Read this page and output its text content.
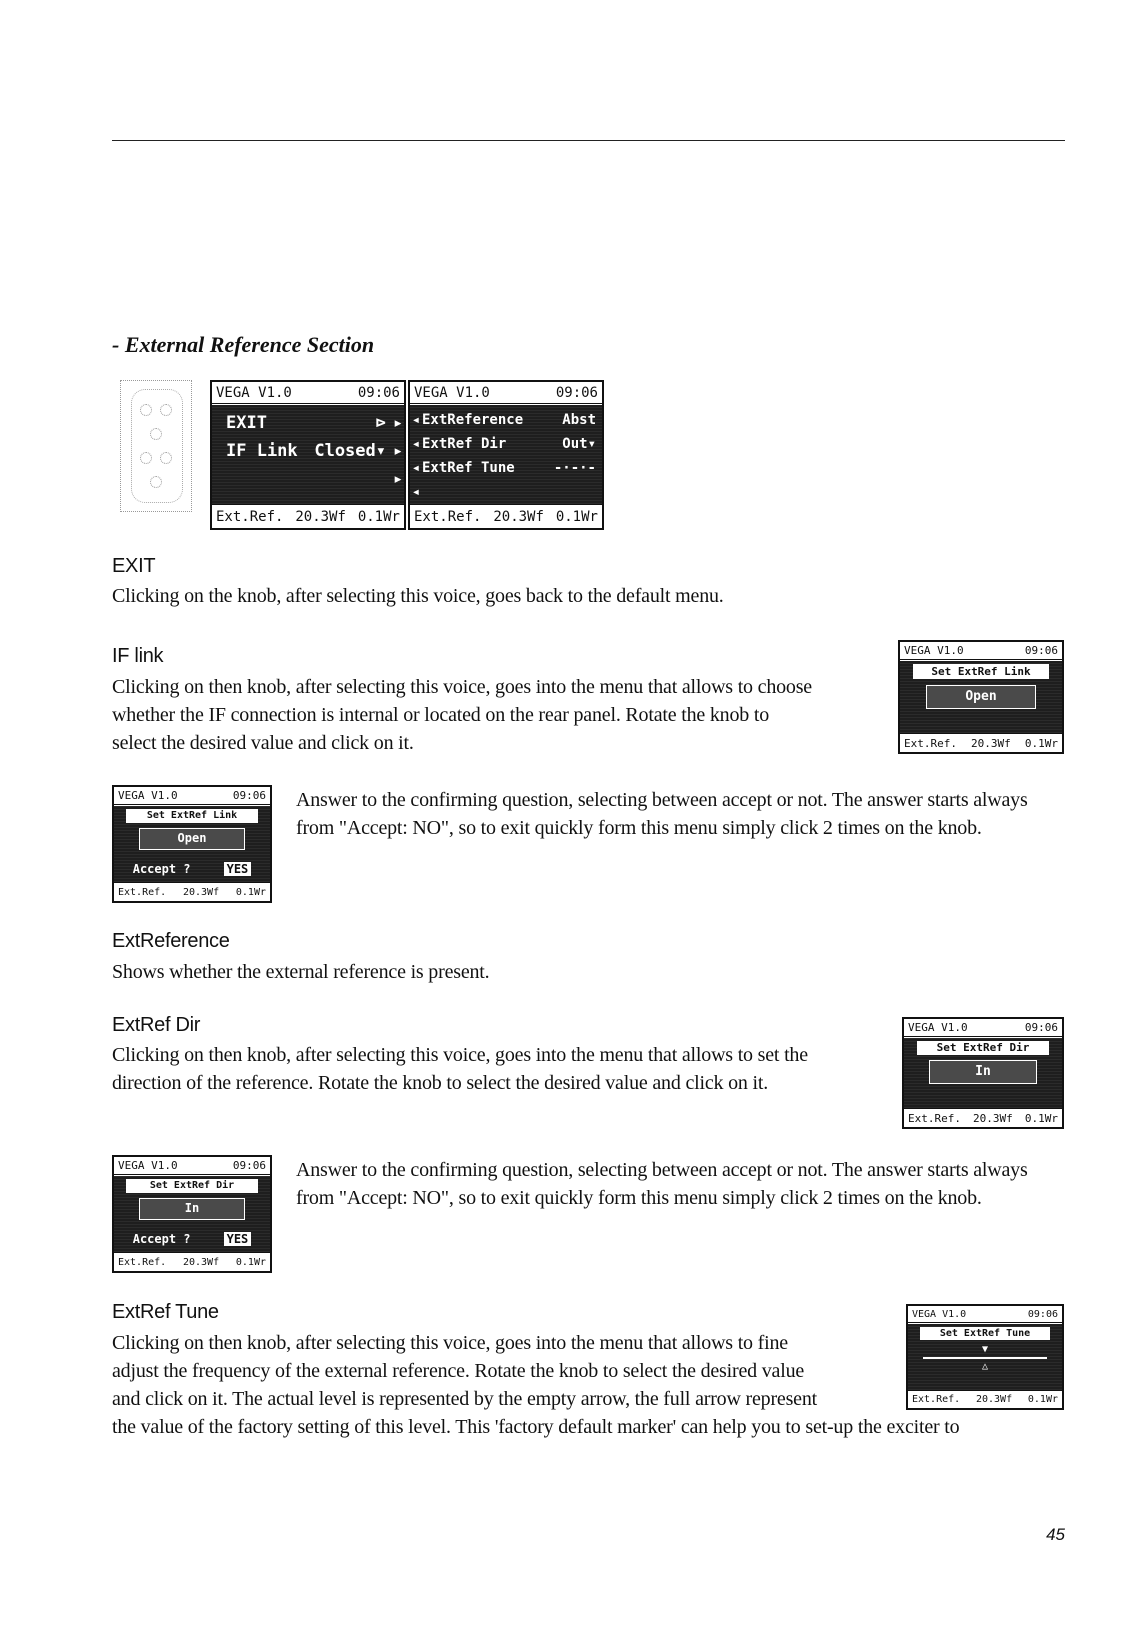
- External Reference Section
VEGA V1.0	09:06
EXIT	⊳ ▸
IF Link Closed▾ ▸
▸
Ext.Ref. 20.3Wf 0.1Wr
VEGA V1.0	09:06
◂ ExtReference	Abst
◂ ExtRef Dir	Out▾
◂ ExtRef Tune	-·-·-
◂
Ext.Ref. 20.3Wf 0.1Wr
EXIT
Clicking on the knob, after selecting this voice, goes back to the default menu.
IF link
Clicking on then knob, after selecting this voice, goes into the menu that allows to choose
whether the IF connection is internal or located on the rear panel. Rotate the knob to
select the desired value and click on it.
VEGA V1.0	09:06
Set ExtRef Link
Open
Ext.Ref. 20.3Wf 0.1Wr
VEGA V1.0	09:06
Set ExtRef Link
Open
Accept ?	YES
Ext.Ref. 20.3Wf 0.1Wr
Answer to the confirming question, selecting between accept or not. The answer starts always from "Accept: NO", so to exit quickly form this menu simply click 2 times on the knob.
ExtReference
Shows whether the external reference is present.
ExtRef Dir
Clicking on then knob, after selecting this voice, goes into the menu that allows to set the
direction of the reference. Rotate the knob to select the desired value and click on it.
VEGA V1.0	09:06
Set ExtRef Dir
In
Ext.Ref. 20.3Wf 0.1Wr
VEGA V1.0	09:06
Set ExtRef Dir
In
Accept ?	YES
Ext.Ref. 20.3Wf 0.1Wr
Answer to the confirming question, selecting between accept or not. The answer starts always from "Accept: NO", so to exit quickly form this menu simply click 2 times on the knob.
ExtRef Tune
Clicking on then knob, after selecting this voice, goes into the menu that allows to fine
adjust the frequency of the external reference. Rotate the knob to select the desired value
and click on it. The actual level is represented by the empty arrow, the full arrow represent
the value of the factory setting of this level. This 'factory default marker' can help you to set-up the exciter to
VEGA V1.0	09:06
Set ExtRef Tune
▼
△
Ext.Ref. 20.3Wf 0.1Wr
45
